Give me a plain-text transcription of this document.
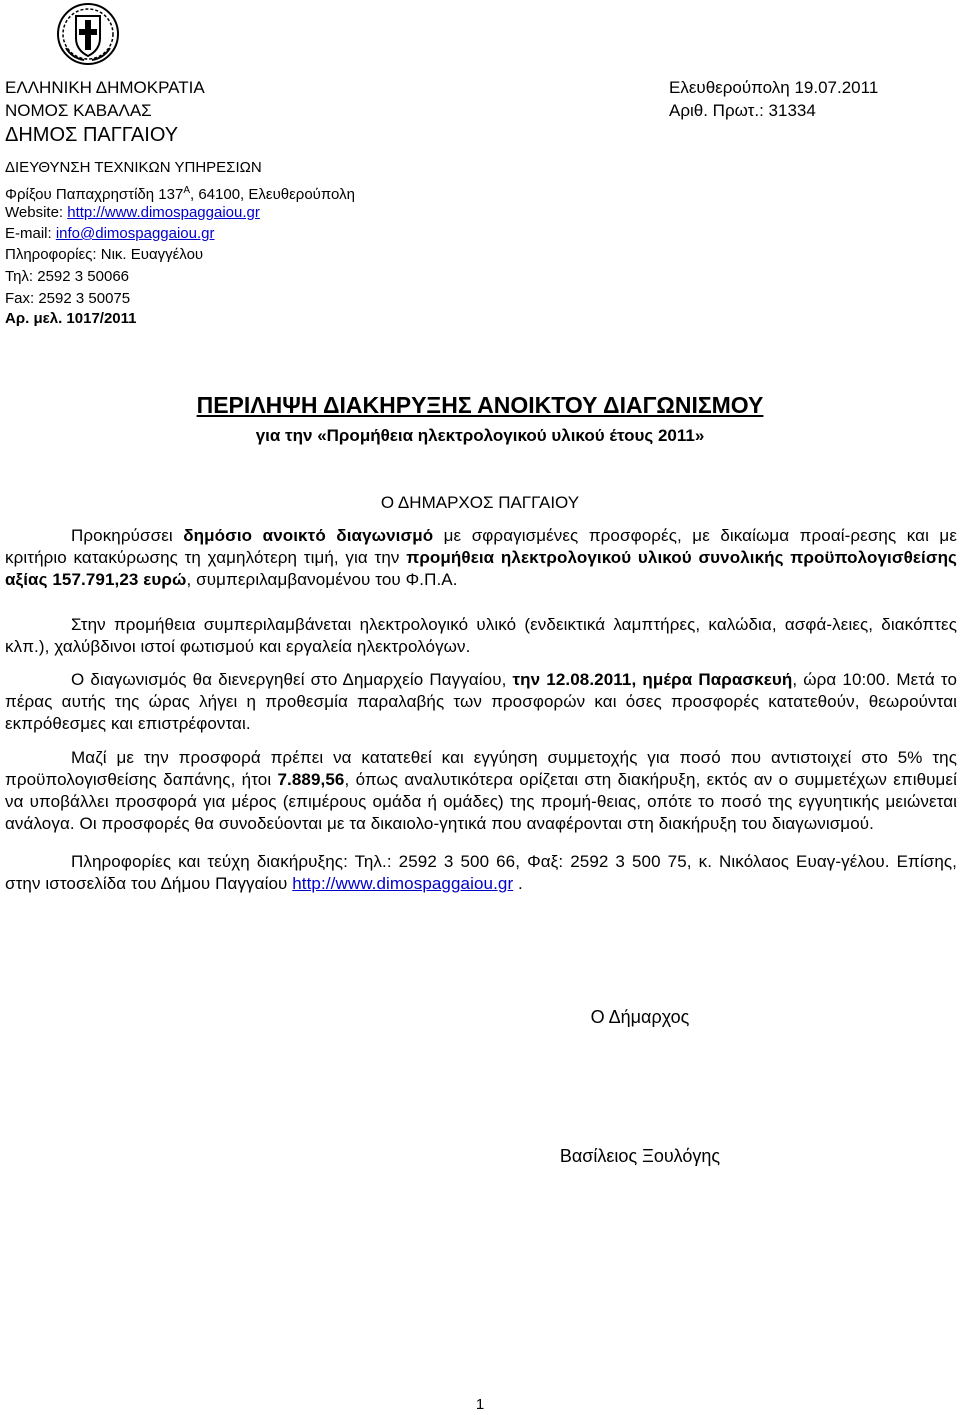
ΕΛΛΗΝΙΚΗ ΔΗΜΟΚΡΑΤΙΑ
ΝΟΜΟΣ ΚΑΒΑΛΑΣ
ΔΗΜΟΣ ΠΑΓΓΑΙΟΥ
ΔΙΕΥΘΥΝΣΗ ΤΕΧΝΙΚΩΝ ΥΠΗΡΕΣΙΩΝ
Φρίξου Παπαχρηστίδη $137^A$, 64100, Ελευθερούπολη
Website: http://www.dimospaggaiou.gr
E-mail: info@dimospaggaiou.gr
Πληροφορίες: Νικ. Ευαγγέλου
Τηλ: 2592 3 50066
Fax: 2592 3 50075
Αρ. μελ. 1017/2011
Ελευθερούπολη 19.07.2011
Αριθ. Πρωτ.: 31334
ΠΕΡΙΛΗΨΗ ΔΙΑΚΗΡΥΞΗΣ ΑΝΟΙΚΤΟΥ ΔΙΑΓΩΝΙΣΜΟΥ
για την «Προμήθεια ηλεκτρολογικού υλικού έτους 2011»
Ο ΔΗΜΑΡΧΟΣ ΠΑΓΓΑΙΟΥ
Προκηρύσσει δημόσιο ανοικτό διαγωνισμό με σφραγισμένες προσφορές, με δικαίωμα προαί-ρεσης και με κριτήριο κατακύρωσης τη χαμηλότερη τιμή, για την προμήθεια ηλεκτρολογικού υλικού συνολικής προϋπολογισθείσης αξίας 157.791,23 ευρώ, συμπεριλαμβανομένου του Φ.Π.Α.
Στην προμήθεια συμπεριλαμβάνεται ηλεκτρολογικό υλικό (ενδεικτικά λαμπτήρες, καλώδια, ασφά-λειες, διακόπτες κλπ.), χαλύβδινοι ιστοί φωτισμού και εργαλεία ηλεκτρολόγων.
Ο διαγωνισμός θα διενεργηθεί στο Δημαρχείο Παγγαίου, την 12.08.2011, ημέρα Παρασκευή, ώρα 10:00. Μετά το πέρας αυτής της ώρας λήγει η προθεσμία παραλαβής των προσφορών και όσες προσφορές κατατεθούν, θεωρούνται εκπρόθεσμες και επιστρέφονται.
Μαζί με την προσφορά πρέπει να κατατεθεί και εγγύηση συμμετοχής για ποσό που αντιστοιχεί στο 5% της προϋπολογισθείσης δαπάνης, ήτοι 7.889,56, όπως αναλυτικότερα ορίζεται στη διακήρυξη, εκτός αν ο συμμετέχων επιθυμεί να υποβάλλει προσφορά για μέρος (επιμέρους ομάδα ή ομάδες) της προμή-θειας, οπότε το ποσό της εγγυητικής μειώνεται ανάλογα. Οι προσφορές θα συνοδεύονται με τα δικαιολο-γητικά που αναφέρονται στη διακήρυξη του διαγωνισμού.
Πληροφορίες και τεύχη διακήρυξης: Τηλ.: 2592 3 500 66, Φαξ: 2592 3 500 75, κ. Νικόλαος Ευαγ-γέλου. Επίσης, στην ιστοσελίδα του Δήμου Παγγαίου http://www.dimospaggaiou.gr .
Ο Δήμαρχος
Βασίλειος Ξουλόγης
1
